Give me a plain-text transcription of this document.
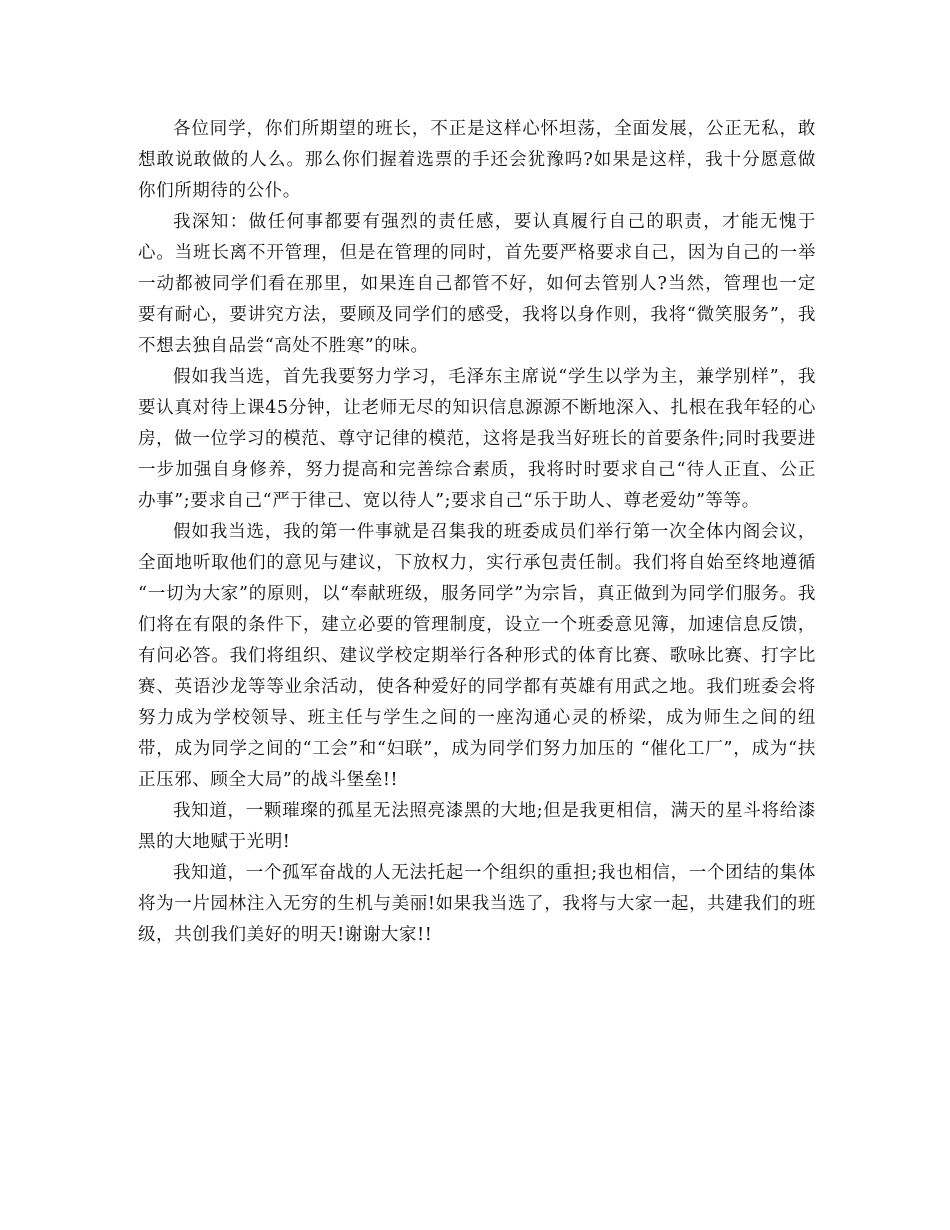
各位同学，你们所期望的班长，不正是这样心怀坦荡，全面发展，公正无私，敢想敢说敢做的人么。那么你们握着选票的手还会犹豫吗?如果是这样，我十分愿意做你们所期待的公仆。

我深知：做任何事都要有强烈的责任感，要认真履行自己的职责，才能无愧于心。当班长离不开管理，但是在管理的同时，首先要严格要求自己，因为自己的一举一动都被同学们看在那里，如果连自己都管不好，如何去管别人?当然，管理也一定要有耐心，要讲究方法，要顾及同学们的感受，我将以身作则，我将“微笑服务”，我不想去独自品尝“高处不胜寒”的味。

假如我当选，首先我要努力学习，毛泽东主席说“学生以学为主，兼学别样”，我要认真对待上课45分钟，让老师无尽的知识信息源源不断地深入、扎根在我年轻的心房，做一位学习的模范、尊守记律的模范，这将是我当好班长的首要条件;同时我要进一步加强自身修养，努力提高和完善综合素质，我将时时要求自己“待人正直、公正办事”;要求自己“严于律己、宽以待人”;要求自己“乐于助人、尊老爱幼”等等。

假如我当选，我的第一件事就是召集我的班委成员们举行第一次全体内阁会议，全面地听取他们的意见与建议，下放权力，实行承包责任制。我们将自始至终地遵循 “一切为大家”的原则，以“奉献班级，服务同学”为宗旨，真正做到为同学们服务。我们将在有限的条件下，建立必要的管理制度，设立一个班委意见簿，加速信息反馈，有问必答。我们将组织、建议学校定期举行各种形式的体育比赛、歌咏比赛、打字比赛、英语沙龙等等业余活动，使各种爱好的同学都有英雄有用武之地。我们班委会将努力成为学校领导、班主任与学生之间的一座沟通心灵的桥梁，成为师生之间的纽带，成为同学之间的“工会”和“妇联”，成为同学们努力加压的 “催化工厂”，成为“扶正压邪、顾全大局”的战斗堡垒!!

我知道，一颗璀璨的孤星无法照亮漆黑的大地;但是我更相信，满天的星斗将给漆黑的大地赋于光明!

我知道，一个孤军奋战的人无法托起一个组织的重担;我也相信，一个团结的集体将为一片园林注入无穷的生机与美丽!如果我当选了，我将与大家一起，共建我们的班级，共创我们美好的明天!谢谢大家!!
